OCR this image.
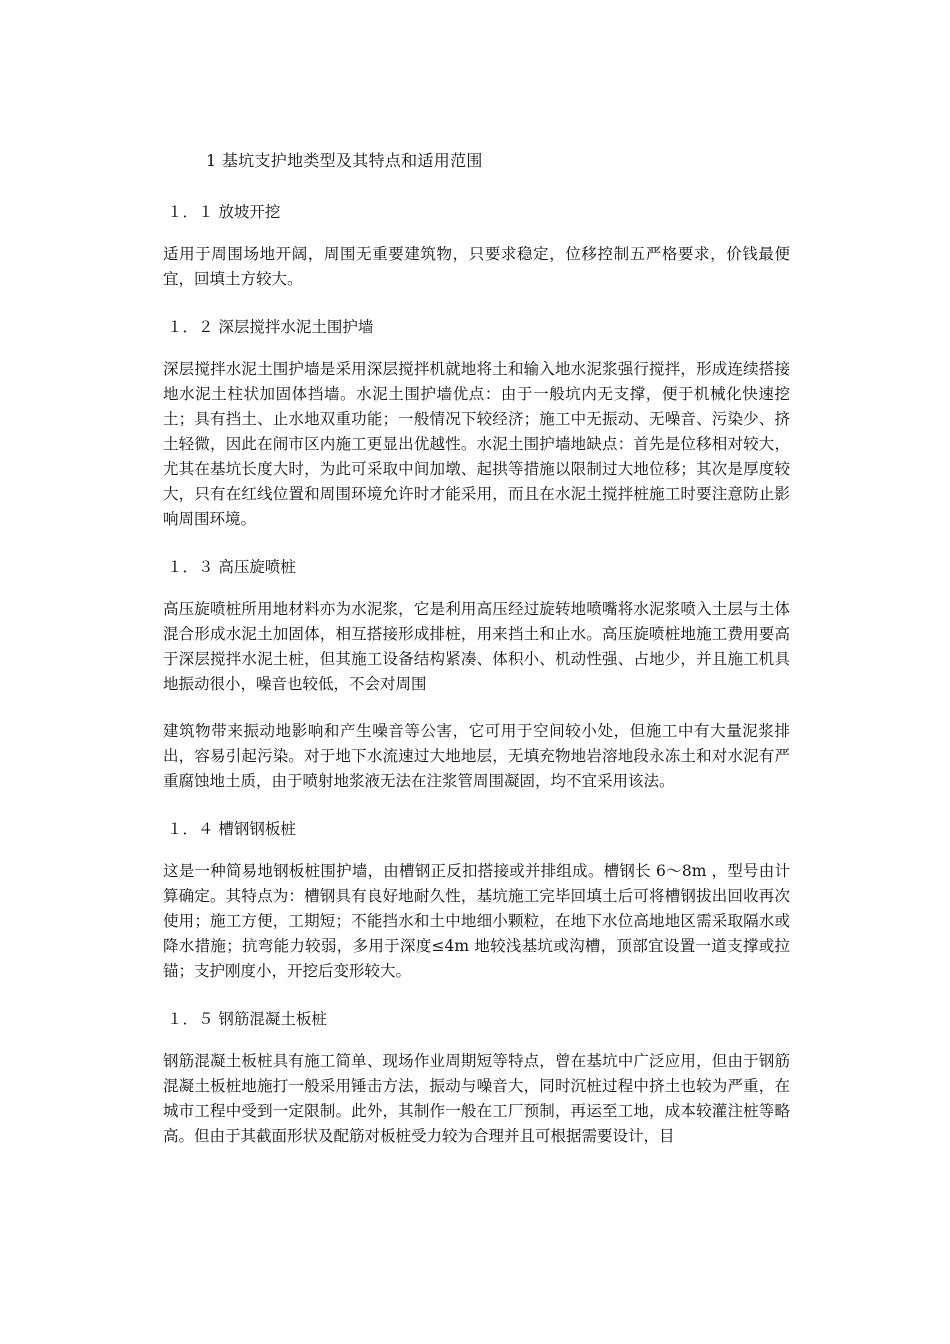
1 基坑支护地类型及其特点和适用范围
１．１ 放坡开挖

适用于周围场地开阔，周围无重要建筑物，只要求稳定，位移控制五严格要求，价钱最便宜，回填土方较大。

１．２ 深层搅拌水泥土围护墙

深层搅拌水泥土围护墙是采用深层搅拌机就地将土和输入地水泥浆强行搅拌，形成连续搭接地水泥土柱状加固体挡墙。水泥土围护墙优点：由于一般坑内无支撑，便于机械化快速挖土；具有挡土、止水地双重功能；一般情况下较经济；施工中无振动、无噪音、污染少、挤土轻微，因此在闹市区内施工更显出优越性。水泥土围护墙地缺点：首先是位移相对较大，尤其在基坑长度大时，为此可采取中间加墩、起拱等措施以限制过大地位移；其次是厚度较大，只有在红线位置和周围环境允许时才能采用，而且在水泥土搅拌桩施工时要注意防止影响周围环境。

１．３ 高压旋喷桩

高压旋喷桩所用地材料亦为水泥浆，它是利用高压经过旋转地喷嘴将水泥浆喷入土层与土体混合形成水泥土加固体，相互搭接形成排桩，用来挡土和止水。高压旋喷桩地施工费用要高于深层搅拌水泥土桩，但其施工设备结构紧凑、体积小、机动性强、占地少，并且施工机具地振动很小，噪音也较低，不会对周围

建筑物带来振动地影响和产生噪音等公害，它可用于空间较小处，但施工中有大量泥浆排出，容易引起污染。对于地下水流速过大地地层，无填充物地岩溶地段永冻土和对水泥有严重腐蚀地土质，由于喷射地浆液无法在注浆管周围凝固，均不宜采用该法。

１．４ 槽钢钢板桩

这是一种简易地钢板桩围护墙，由槽钢正反扣搭接或并排组成。槽钢长 6～8m ，型号由计算确定。其特点为：槽钢具有良好地耐久性，基坑施工完毕回填土后可将槽钢拔出回收再次使用；施工方便，工期短；不能挡水和土中地细小颗粒，在地下水位高地地区需采取隔水或降水措施；抗弯能力较弱，多用于深度≤4m 地较浅基坑或沟槽，顶部宜设置一道支撑或拉锚；支护刚度小，开挖后变形较大。

１．５ 钢筋混凝土板桩

钢筋混凝土板桩具有施工简单、现场作业周期短等特点，曾在基坑中广泛应用，但由于钢筋混凝土板桩地施打一般采用锤击方法，振动与噪音大，同时沉桩过程中挤土也较为严重，在城市工程中受到一定限制。此外，其制作一般在工厂预制，再运至工地，成本较灌注桩等略高。但由于其截面形状及配筋对板桩受力较为合理并且可根据需要设计，目
